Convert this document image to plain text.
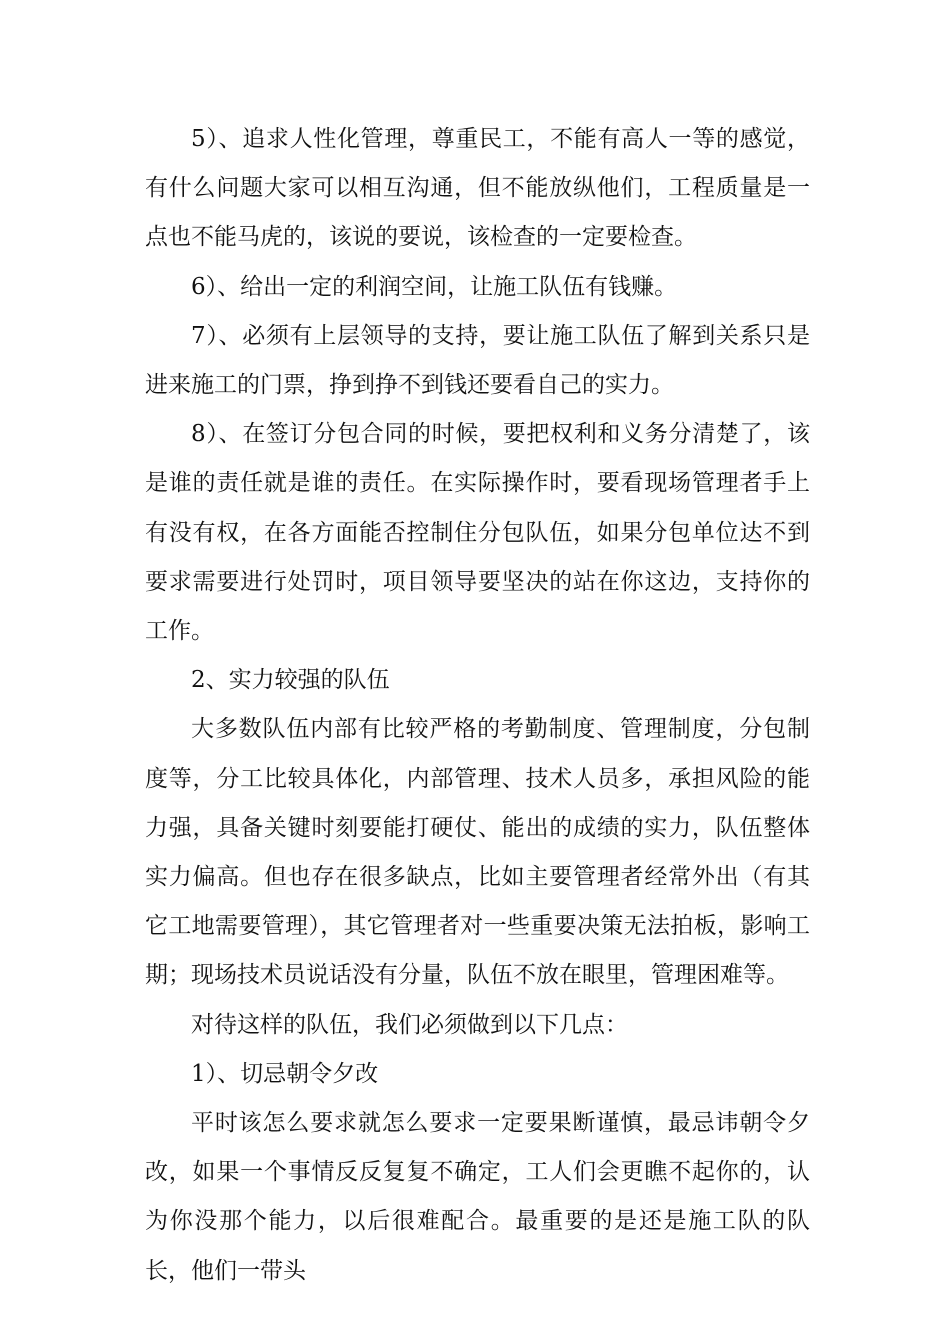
5）、追求人性化管理，尊重民工，不能有高人一等的感觉，有什么问题大家可以相互沟通，但不能放纵他们，工程质量是一点也不能马虎的，该说的要说，该检查的一定要检查。

6）、给出一定的利润空间，让施工队伍有钱赚。

7）、必须有上层领导的支持，要让施工队伍了解到关系只是进来施工的门票，挣到挣不到钱还要看自己的实力。

8）、在签订分包合同的时候，要把权利和义务分清楚了，该是谁的责任就是谁的责任。在实际操作时，要看现场管理者手上有没有权，在各方面能否控制住分包队伍，如果分包单位达不到要求需要进行处罚时，项目领导要坚决的站在你这边，支持你的工作。

2、实力较强的队伍

大多数队伍内部有比较严格的考勤制度、管理制度，分包制度等，分工比较具体化，内部管理、技术人员多，承担风险的能力强，具备关键时刻要能打硬仗、能出的成绩的实力，队伍整体实力偏高。但也存在很多缺点，比如主要管理者经常外出（有其它工地需要管理），其它管理者对一些重要决策无法拍板，影响工期；现场技术员说话没有分量，队伍不放在眼里，管理困难等。

对待这样的队伍，我们必须做到以下几点：

1）、切忌朝令夕改

平时该怎么要求就怎么要求一定要果断谨慎，最忌讳朝令夕改，如果一个事情反反复复不确定，工人们会更瞧不起你的，认为你没那个能力，以后很难配合。最重要的是还是施工队的队长，他们一带头
